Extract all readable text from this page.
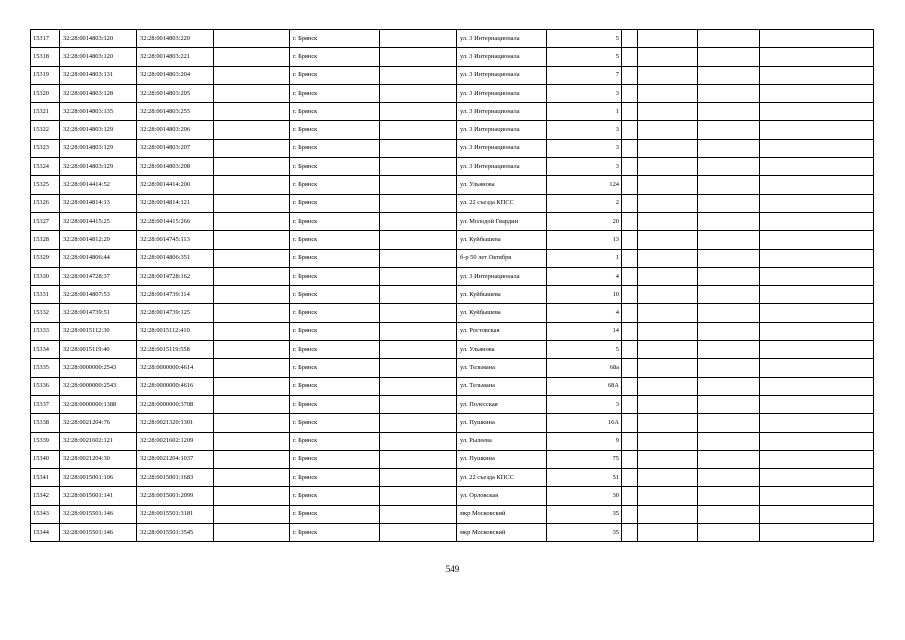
15317	32:28:0014803:120	32:28:0014803:220		г. Брянск		ул. 3 Интернационала	5				
15318	32:28:0014803:120	32:28:0014803:221		г. Брянск		ул. 3 Интернационала	5				
15319	32:28:0014803:131	32:28:0014803:204		г. Брянск		ул. 3 Интернационала	7				
15320	32:28:0014803:128	32:28:0014803:205		г. Брянск		ул. 3 Интернационала	3				
15321	32:28:0014803:135	32:28:0014803:255		г. Брянск		ул. 3 Интернационала	1				
15322	32:28:0014803:129	32:28:0014803:206		г. Брянск		ул. 3 Интернационала	3				
15323	32:28:0014803:129	32:28:0014803:207		г. Брянск		ул. 3 Интернационала	3				
15324	32:28:0014803:129	32:28:0014803:208		г. Брянск		ул. 3 Интернационала	3				
15325	32:28:0014414:52	32:28:0014414:200		г. Брянск		ул. Ульянова	124				
15326	32:28:0014814:13	32:28:0014814:121		г. Брянск		ул. 22 съезда КПСС	2				
15327	32:28:0014415:25	32:28:0014415:266		г. Брянск		ул. Молодой Гвардии	20				
15328	32:28:0014812:29	32:28:0014745:113		г. Брянск		ул. Куйбышева	13				
15329	32:28:0014806:44	32:28:0014806:351		г. Брянск		б-р 50 лет Октября	1				
15330	32:28:0014728:37	32:28:0014728:162		г. Брянск		ул. 3 Интернационала	4				
15331	32:28:0014807:53	32:28:0014739:114		г. Брянск		ул. Куйбышева	10				
15332	32:28:0014739:51	32:28:0014739:125		г. Брянск		ул. Куйбышева	4				
15333	32:28:0015112:30	32:28:0015112:410		г. Брянск		ул. Ростовская	14				
15334	32:28:0015119:40	32:28:0015119:558		г. Брянск		ул. Ульянова	5				
15335	32:28:0000000:2543	32:28:0000000:4614		г. Брянск		ул. Тельмана	68а				
15336	32:28:0000000:2543	32:28:0000000:4616		г. Брянск		ул. Тельмана	68А				
15337	32:28:0000000:1388	32:28:0000000:3708		г. Брянск		ул. Полесская	3				
15338	32:28:0021204:76	32:28:0021320:1301		г. Брянск		ул. Пушкина	16А				
15339	32:28:0021602:121	32:28:0021602:1209		г. Брянск		ул. Рылеева	9				
15340	32:28:0021204:30	32:28:0021204:1037		г. Брянск		ул. Пушкина	75				
15341	32:28:0015001:106	32:28:0015001:1683		г. Брянск		ул. 22 съезда КПСС	51				
15342	32:28:0015001:141	32:28:0015001:2099		г. Брянск		ул. Орловская	30				
15343	32:28:0015501:146	32:28:0015501:3181		г. Брянск		мкр Московский	35				
15344	32:28:0015501:146	32:28:0015501:3545		г. Брянск		мкр Московский	35				
549
